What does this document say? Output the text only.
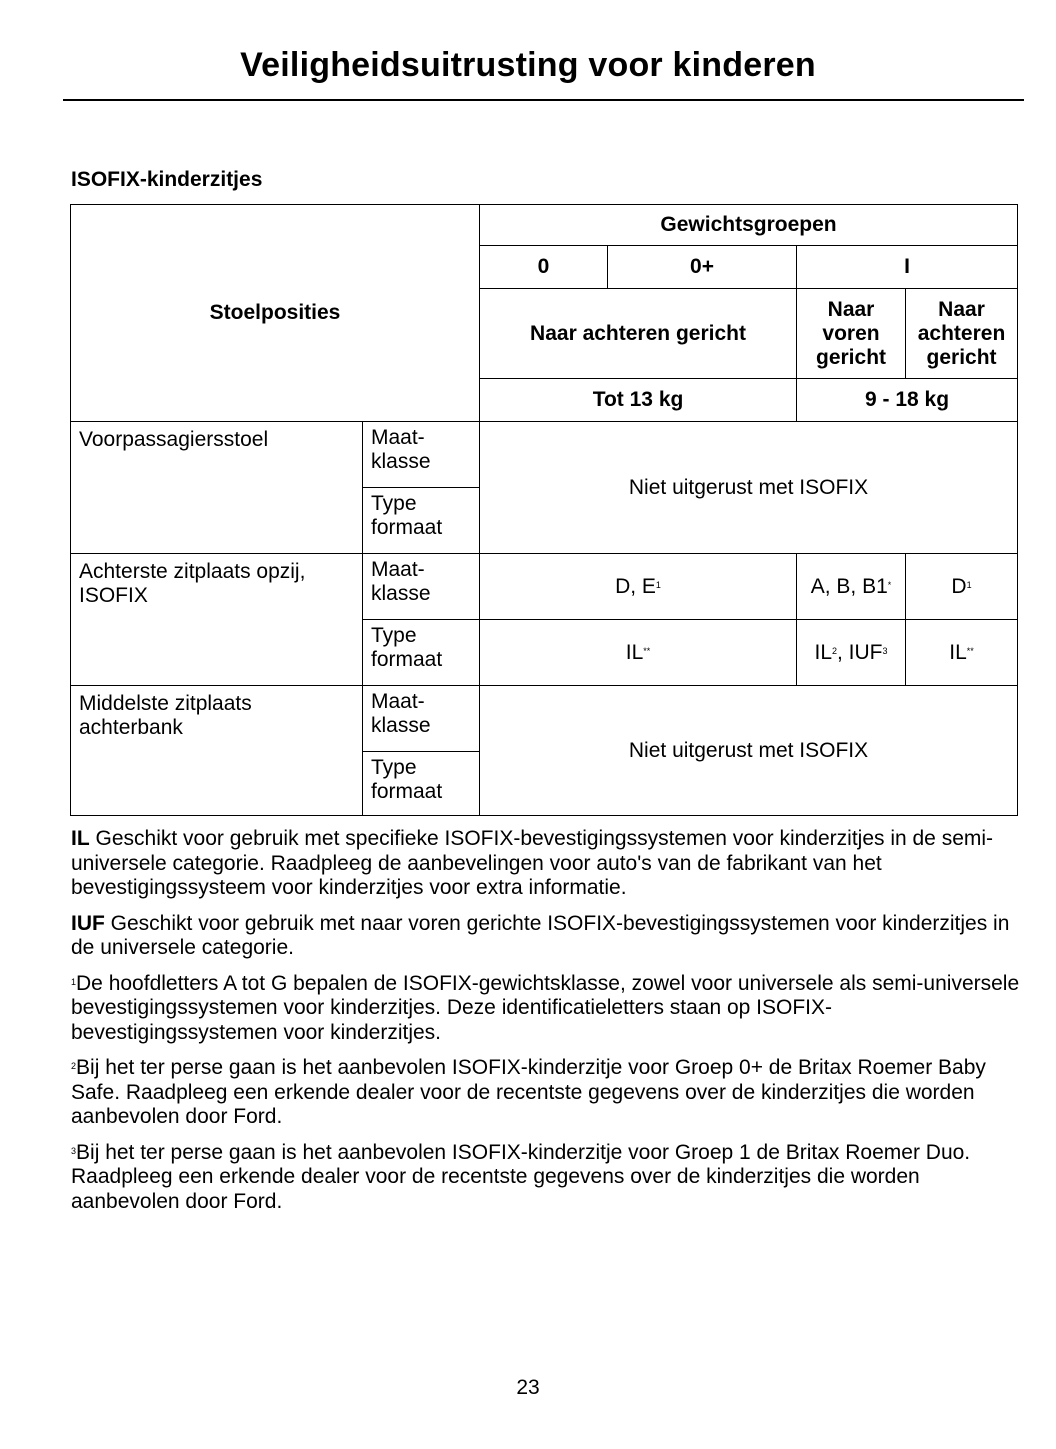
Veiligheidsuitrusting voor kinderen
ISOFIX-kinderzitjes
Stoelposities		Gewichtsgroepen			
		0	0+	I	
		Naar achteren gericht		Naar voren gericht	Naar achteren gericht
		Tot 13 kg		9 - 18 kg	
Voorpassagiersstoel	Maat-klasse	Niet uitgerust met ISOFIX			
	Type formaat				
Achterste zitplaats opzij, ISOFIX	Maat-klasse	D, $E^1$		A, B, B1*	$D^1$
	Type formaat	IL**		$IL^2$, IUF$^3$	IL**
Middelste zitplaats achterbank	Maat-klasse	Niet uitgerust met ISOFIX			
	Type formaat				

IL Geschikt voor gebruik met specifieke ISOFIX-bevestigingssystemen voor kinderzitjes in de semi-universele categorie. Raadpleeg de aanbevelingen voor auto's van de fabrikant van het bevestigingssysteem voor kinderzitjes voor extra informatie.

IUF Geschikt voor gebruik met naar voren gerichte ISOFIX-bevestigingssystemen voor kinderzitjes in de universele categorie.

$^1$De hoofdletters A tot G bepalen de ISOFIX-gewichtsklasse, zowel voor universele als semi-universele bevestigingssystemen voor kinderzitjes. Deze identificatieletters staan op ISOFIX-bevestigingssystemen voor kinderzitjes.

$^2$Bij het ter perse gaan is het aanbevolen ISOFIX-kinderzitje voor Groep 0+ de Britax Roemer Baby Safe. Raadpleeg een erkende dealer voor de recentste gegevens over de kinderzitjes die worden aanbevolen door Ford.

$^3$Bij het ter perse gaan is het aanbevolen ISOFIX-kinderzitje voor Groep 1 de Britax Roemer Duo. Raadpleeg een erkende dealer voor de recentste gegevens over de kinderzitjes die worden aanbevolen door Ford.

23
